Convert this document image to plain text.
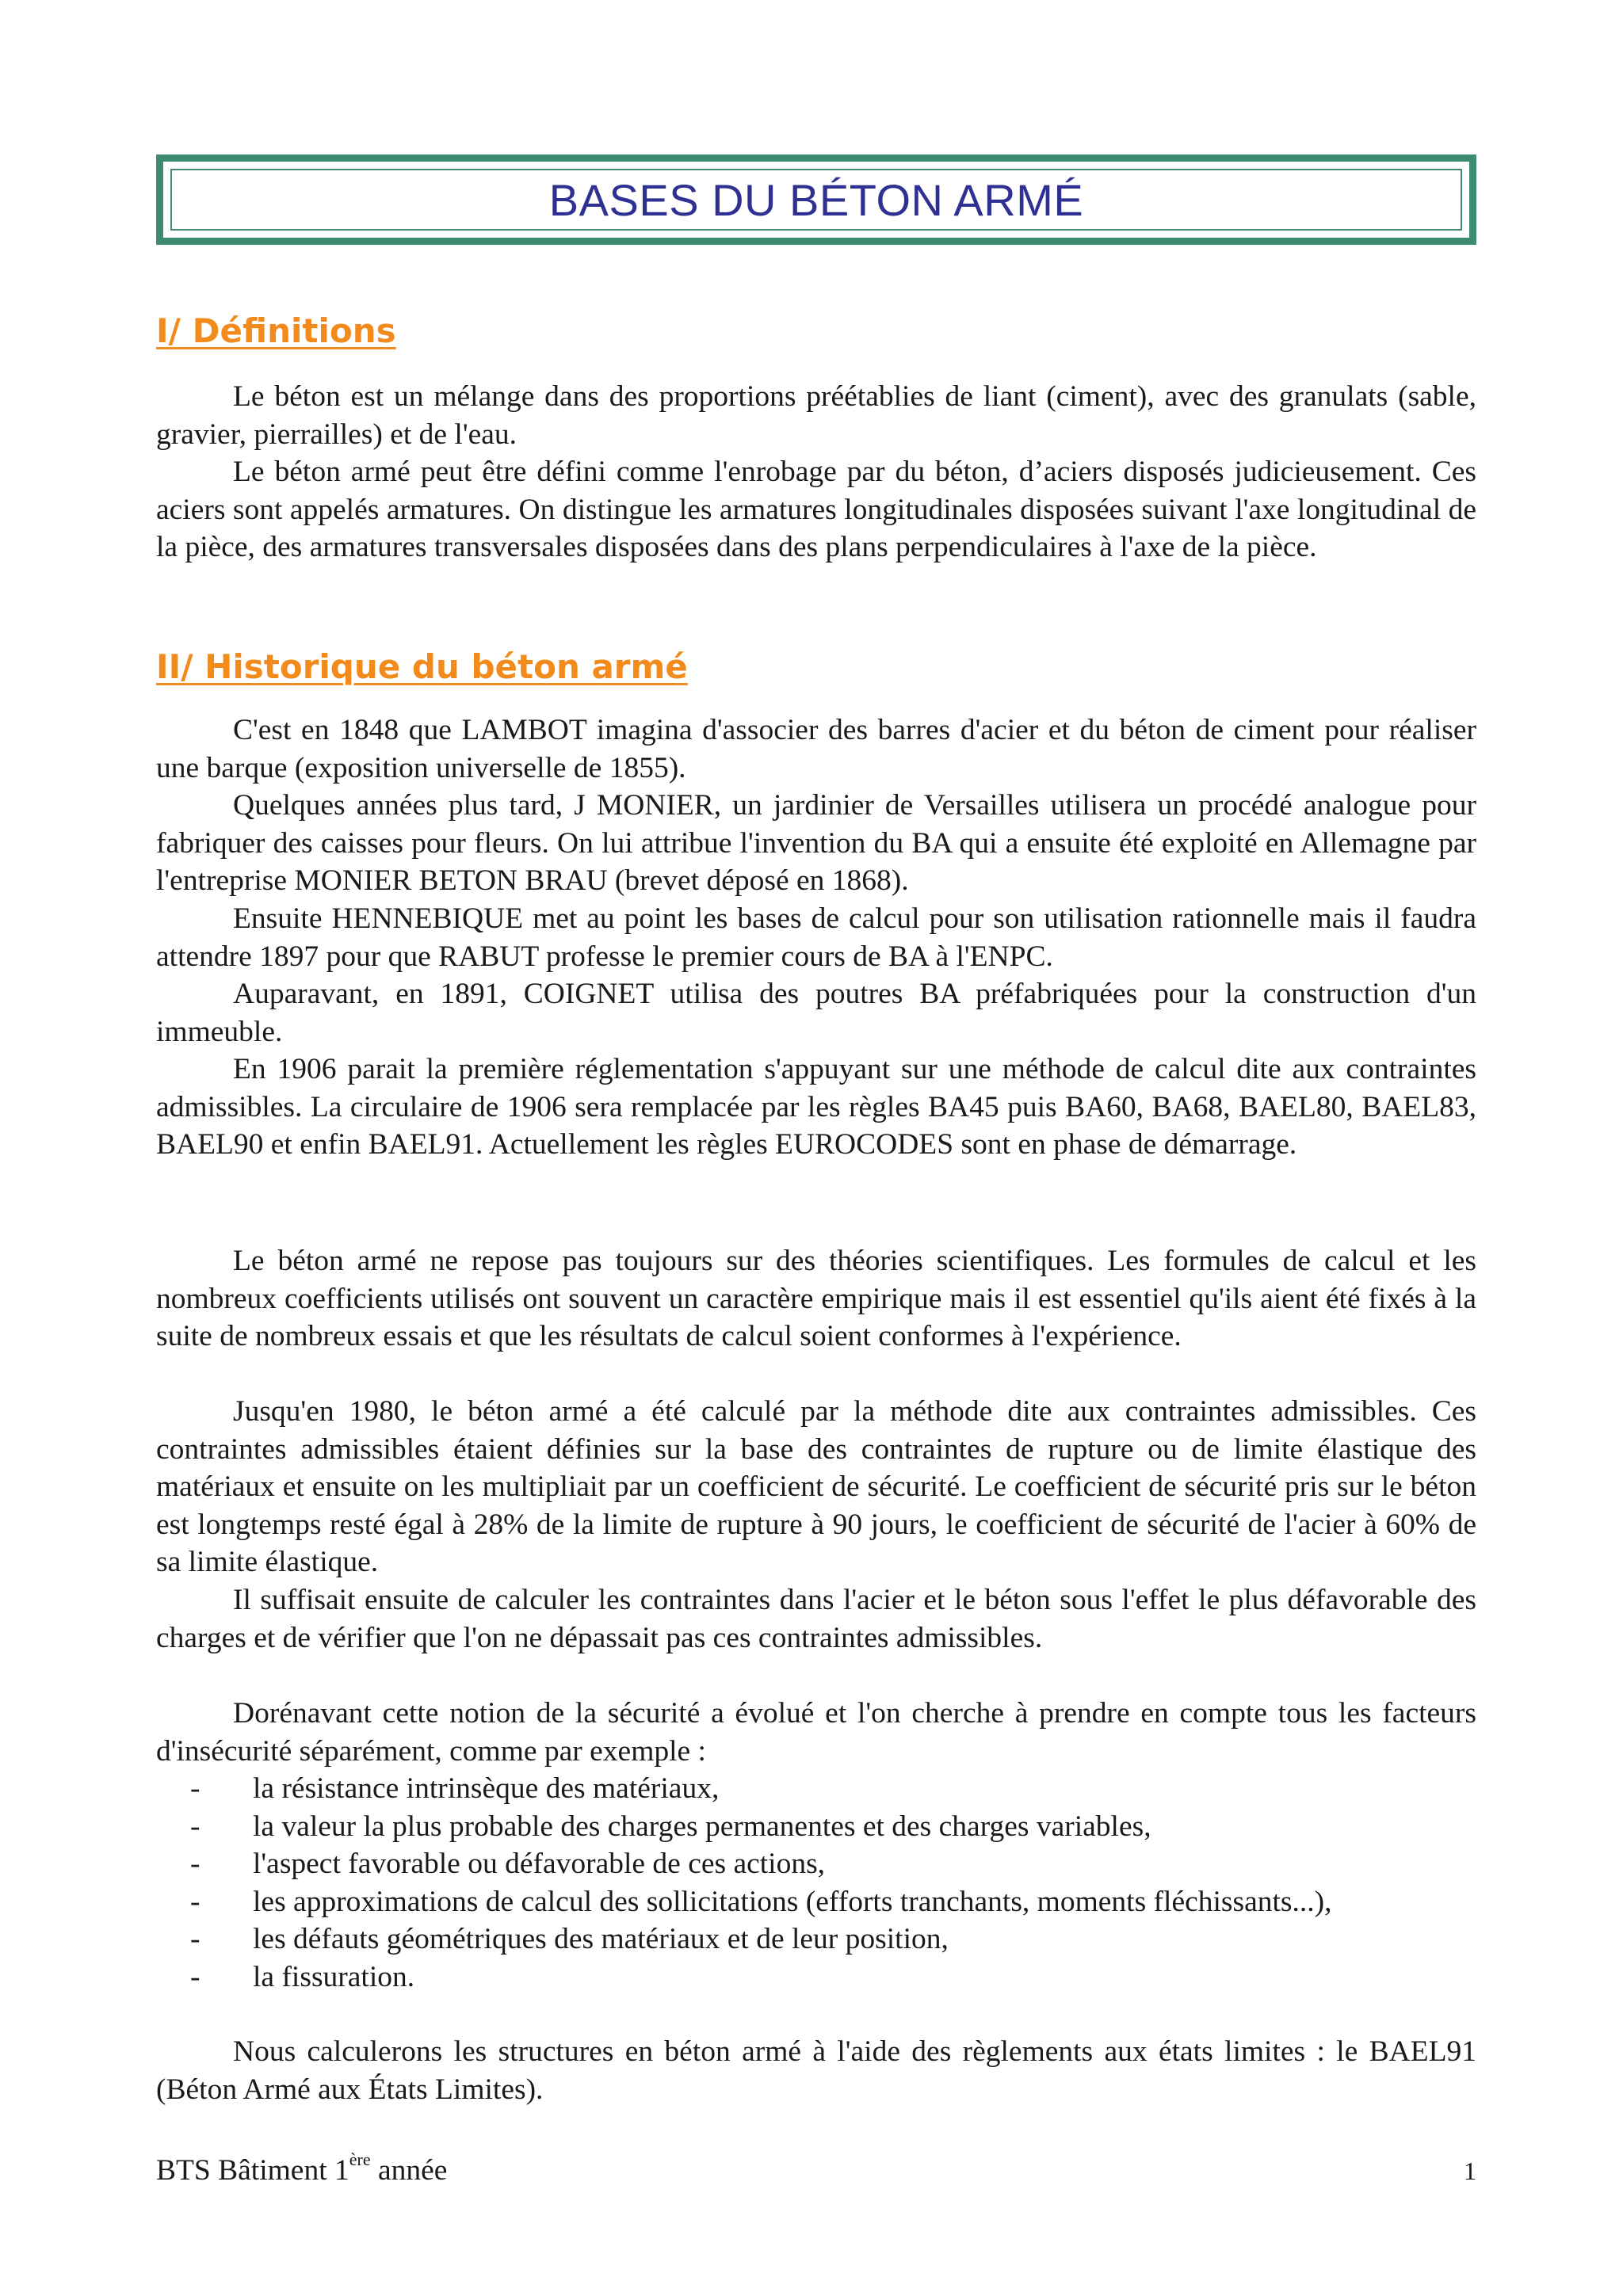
BASES DU BÉTON ARMÉ
I/ Définitions

Le béton est un mélange dans des proportions préétablies de liant (ciment), avec des granulats (sable, gravier, pierrailles) et de l'eau.

Le béton armé peut être défini comme l'enrobage par du béton, d’aciers disposés judicieusement. Ces aciers sont appelés armatures. On distingue les armatures longitudinales disposées suivant l'axe longitudinal de la pièce, des armatures transversales disposées dans des plans perpendiculaires à l'axe de la pièce.

II/ Historique du béton armé

C'est en 1848 que LAMBOT imagina d'associer des barres d'acier et du béton de ciment pour réaliser une barque (exposition universelle de 1855).

Quelques années plus tard, J MONIER, un jardinier de Versailles utilisera un procédé analogue pour fabriquer des caisses pour fleurs. On lui attribue l'invention du BA qui a ensuite été exploité en Allemagne par l'entreprise MONIER BETON BRAU (brevet déposé en 1868).

Ensuite HENNEBIQUE met au point les bases de calcul pour son utilisation rationnelle mais il faudra attendre 1897 pour que RABUT professe le premier cours de BA à l'ENPC.

Auparavant, en 1891, COIGNET utilisa des poutres BA préfabriquées pour la construction d'un immeuble.

En 1906 parait la première réglementation s'appuyant sur une méthode de calcul dite aux contraintes admissibles. La circulaire de 1906 sera remplacée par les règles BA45 puis BA60, BA68, BAEL80, BAEL83, BAEL90 et enfin BAEL91. Actuellement les règles EUROCODES sont en phase de démarrage.

Le béton armé ne repose pas toujours sur des théories scientifiques. Les formules de calcul et les nombreux coefficients utilisés ont souvent un caractère empirique mais il est essentiel qu'ils aient été fixés à la suite de nombreux essais et que les résultats de calcul soient conformes à l'expérience.

Jusqu'en 1980, le béton armé a été calculé par la méthode dite aux contraintes admissibles. Ces contraintes admissibles étaient définies sur la base des contraintes de rupture ou de limite élastique des matériaux et ensuite on les multipliait par un coefficient de sécurité. Le coefficient de sécurité pris sur le béton est longtemps resté égal à 28% de la limite de rupture à 90 jours, le coefficient de sécurité de l'acier à 60% de sa limite élastique.

Il suffisait ensuite de calculer les contraintes dans l'acier et le béton sous l'effet le plus défavorable des charges et de vérifier que l'on ne dépassait pas ces contraintes admissibles.

Dorénavant cette notion de la sécurité a évolué et l'on cherche à prendre en compte tous les facteurs d'insécurité séparément, comme par exemple :

- la résistance intrinsèque des matériaux,
- la valeur la plus probable des charges permanentes et des charges variables,
- l'aspect favorable ou défavorable de ces actions,
- les approximations de calcul des sollicitations (efforts tranchants, moments fléchissants...),
- les défauts géométriques des matériaux et de leur position,
- la fissuration.

Nous calculerons les structures en béton armé à l'aide des règlements aux états limites : le BAEL91 (Béton Armé aux États Limites).

BTS Bâtiment 1ère année	1
